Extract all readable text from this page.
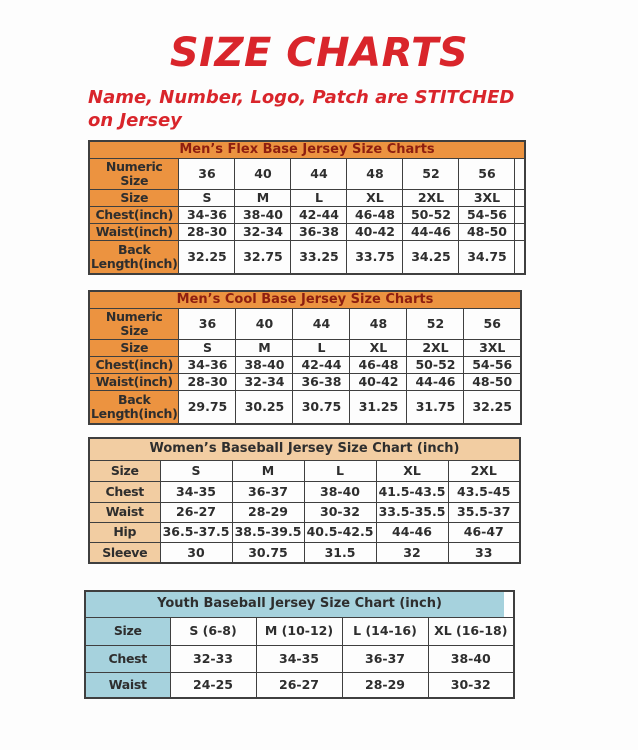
SIZE CHARTS
Name, Number, Logo, Patch are STITCHED
on Jersey
Men’s Flex Base Jersey Size Charts							
Numeric Size	36	40	44	48	52	56	
Size	S	M	L	XL	2XL	3XL	
Chest(inch)	34-36	38-40	42-44	46-48	50-52	54-56	
Waist(inch)	28-30	32-34	36-38	40-42	44-46	48-50	
Back Length(inch)	32.25	32.75	33.25	33.75	34.25	34.75	
Men’s Cool Base Jersey Size Charts						
Numeric Size	36	40	44	48	52	56
Size	S	M	L	XL	2XL	3XL
Chest(inch)	34-36	38-40	42-44	46-48	50-52	54-56
Waist(inch)	28-30	32-34	36-38	40-42	44-46	48-50
Back Length(inch)	29.75	30.25	30.75	31.25	31.75	32.25
Women’s Baseball Jersey Size Chart (inch)					
Size	S	M	L	XL	2XL
Chest	34-35	36-37	38-40	41.5-43.5	43.5-45
Waist	26-27	28-29	30-32	33.5-35.5	35.5-37
Hip	36.5-37.5	38.5-39.5	40.5-42.5	44-46	46-47
Sleeve	30	30.75	31.5	32	33
Youth Baseball Jersey Size Chart (inch)				
Size	S (6-8)	M (10-12)	L (14-16)	XL (16-18)
Chest	32-33	34-35	36-37	38-40
Waist	24-25	26-27	28-29	30-32
